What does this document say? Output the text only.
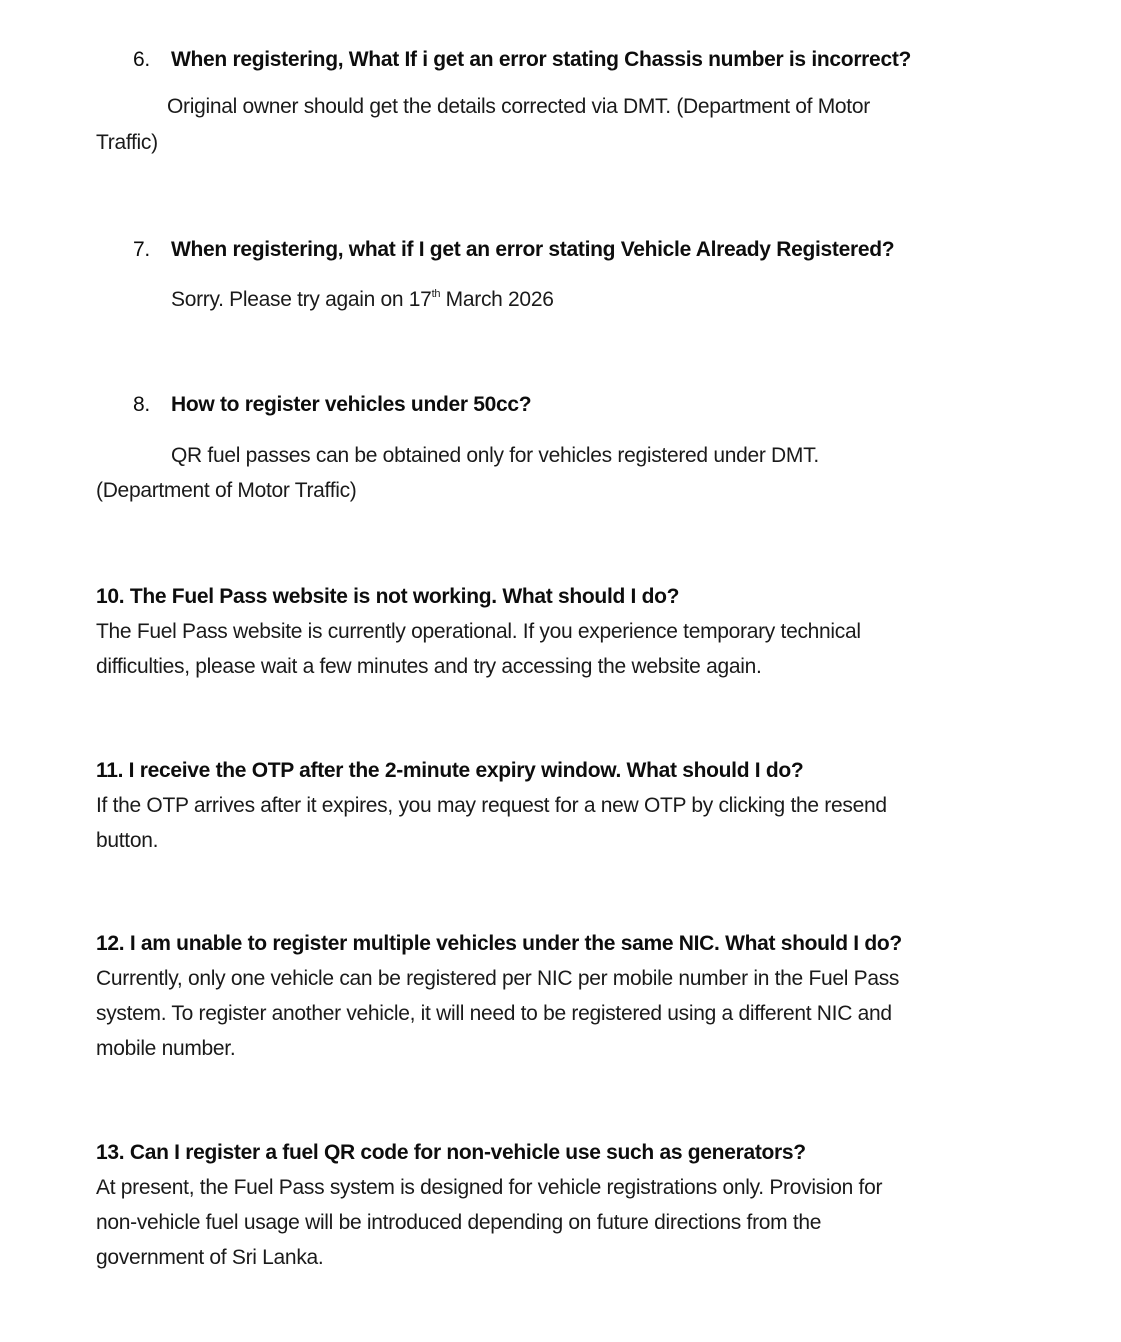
6. When registering, What If i get an error stating Chassis number is incorrect?
Original owner should get the details corrected via DMT. (Department of Motor
Traffic)
7. When registering, what if I get an error stating Vehicle Already Registered?
Sorry. Please try again on 17th March 2026
8. How to register vehicles under 50cc?
QR fuel passes can be obtained only for vehicles registered under DMT.
(Department of Motor Traffic)
10. The Fuel Pass website is not working. What should I do?
The Fuel Pass website is currently operational. If you experience temporary technical
difficulties, please wait a few minutes and try accessing the website again.
11. I receive the OTP after the 2-minute expiry window. What should I do?
If the OTP arrives after it expires, you may request for a new OTP by clicking the resend
button.
12. I am unable to register multiple vehicles under the same NIC. What should I do?
Currently, only one vehicle can be registered per NIC per mobile number in the Fuel Pass
system. To register another vehicle, it will need to be registered using a different NIC and
mobile number.
13. Can I register a fuel QR code for non-vehicle use such as generators?
At present, the Fuel Pass system is designed for vehicle registrations only. Provision for
non-vehicle fuel usage will be introduced depending on future directions from the
government of Sri Lanka.
